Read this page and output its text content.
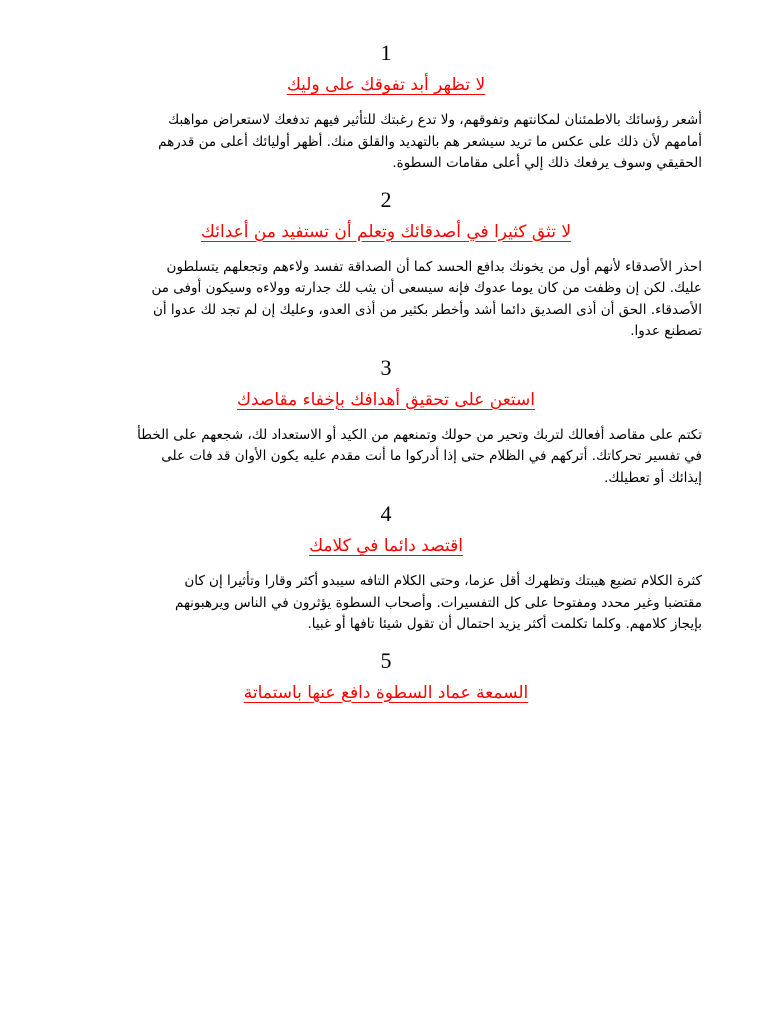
1
لا تظهر أبد تفوقك على وليك
أشعر رؤسائك بالاطمئنان لمكانتهم وتفوقهم، ولا تدع رغبتك للتأثير فيهم تدفعك لاستعراض مواهبك
أمامهم لأن ذلك على عكس ما تريد سيشعر هم بالتهديد والقلق منك. أظهر أوليائك أعلى من قدرهم
الحقيقي وسوف يرفعك ذلك إلي أعلى مقامات السطوة.
2
لا تثق كثيرا في أصدقائك وتعلم أن تستفيد من أعدائك
احذر الأصدقاء لأنهم أول من يخونك بدافع الحسد كما أن الصداقة تفسد ولاءهم وتجعلهم يتسلطون
عليك. لكن إن وظفت من كان يوما عدوك فإنه سيسعى أن يثب لك جدارته وولاءه وسيكون أوفى من
الأصدقاء. الحق أن أذى الصديق دائما أشد وأخطر بكثير من أذى العدو، وعليك إن لم تجد لك عدوا أن
تصطنع عدوا.
3
استعن على تحقيق أهدافك بإخفاء مقاصدك
تكتم على مقاصد أفعالك لتربك وتحير من حولك وتمنعهم من الكيد أو الاستعداد لك، شجعهم على الخطأ
في تفسير تحركاتك. أتركهم في الظلام حتى إذا أدركوا ما أنت مقدم عليه يكون الأوان قد فات على
إيذائك أو تعطيلك.
4
اقتصد دائما في كلامك
كثرة الكلام تضيع هيبتك وتظهرك أقل عزما، وحتى الكلام التافه سيبدو أكثر وقارا وتأثيرا إن كان
مقتضبا وغير محدد ومفتوحا على كل التفسيرات. وأصحاب السطوة يؤثرون في الناس ويرهبونهم
بإيجاز كلامهم. وكلما تكلمت أكثر يزيد احتمال أن تقول شيئا تافها أو غبيا.
5
السمعة عماد السطوة دافع عنها باستماتة
